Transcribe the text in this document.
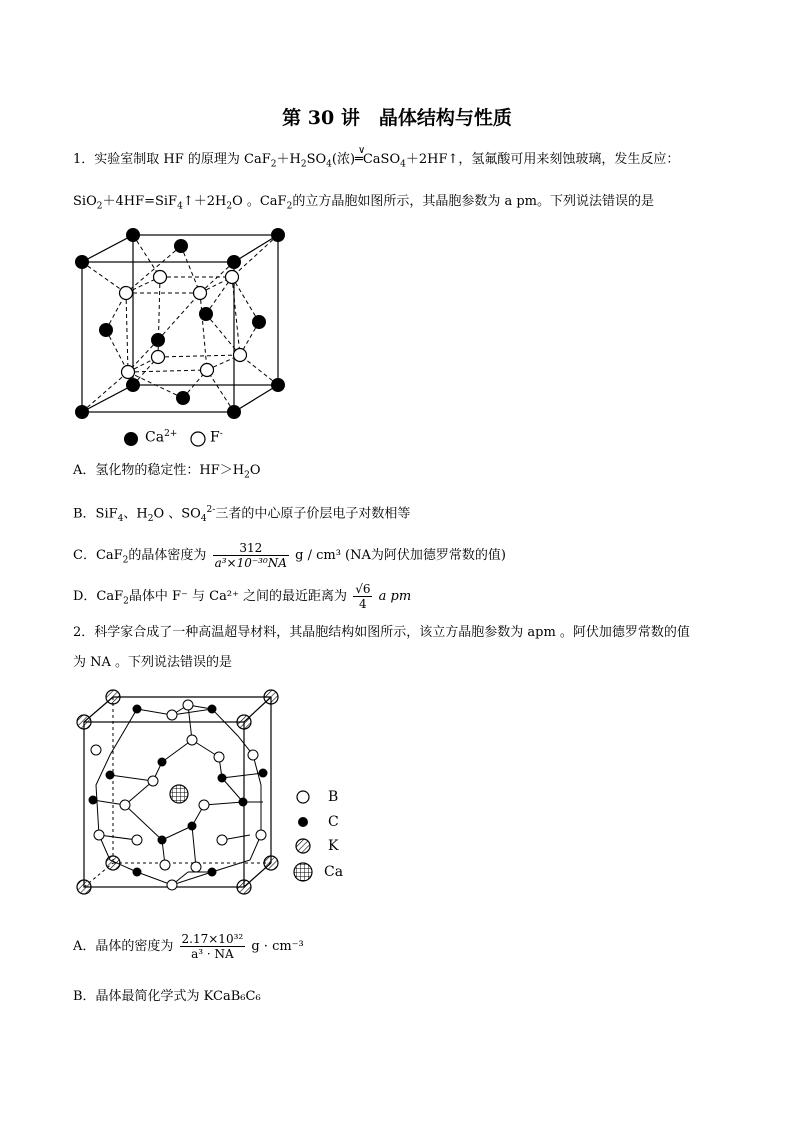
第 30 讲　晶体结构与性质
1．实验室制取 HF 的原理为 $CaF_2+H_2SO_4$(浓)═
∨
CaSO$_4$＋2HF↑，氢氟酸可用来刻蚀玻璃，发生反应：
$SiO_2+4HF=SiF_4↑+2H_2O$ 。CaF$_2$的立方晶胞如图所示，其晶胞参数为 a pm。下列说法错误的是
$Ca^{2+}$ F-
A．氢化物的稳定性：$HF>H_2O$
B．SiF$_4$、$H_2O$ 、$SO_4^{2-}$三者的中心原子价层电子对数相等
C．CaF$_2$的晶体密度为 $\frac{312}{\text{a³×10⁻³⁰NA}}$ g / cm³ (NA为阿伏加德罗常数的值)
D．CaF$_2$晶体中 F⁻ 与 Ca²⁺ 之间的最近距离为 $\frac{√6}{4}$ a pm
2．科学家合成了一种高温超导材料，其晶胞结构如图所示，该立方晶胞参数为 apm 。阿伏加德罗常数的值
为 NA 。下列说法错误的是
B
C
K
Ca
A．晶体的密度为 $\frac{\text{2.17×10³²}}{\text{a³ · NA}}$ g · cm⁻³
B．晶体最简化学式为 KCaB₆C₆
